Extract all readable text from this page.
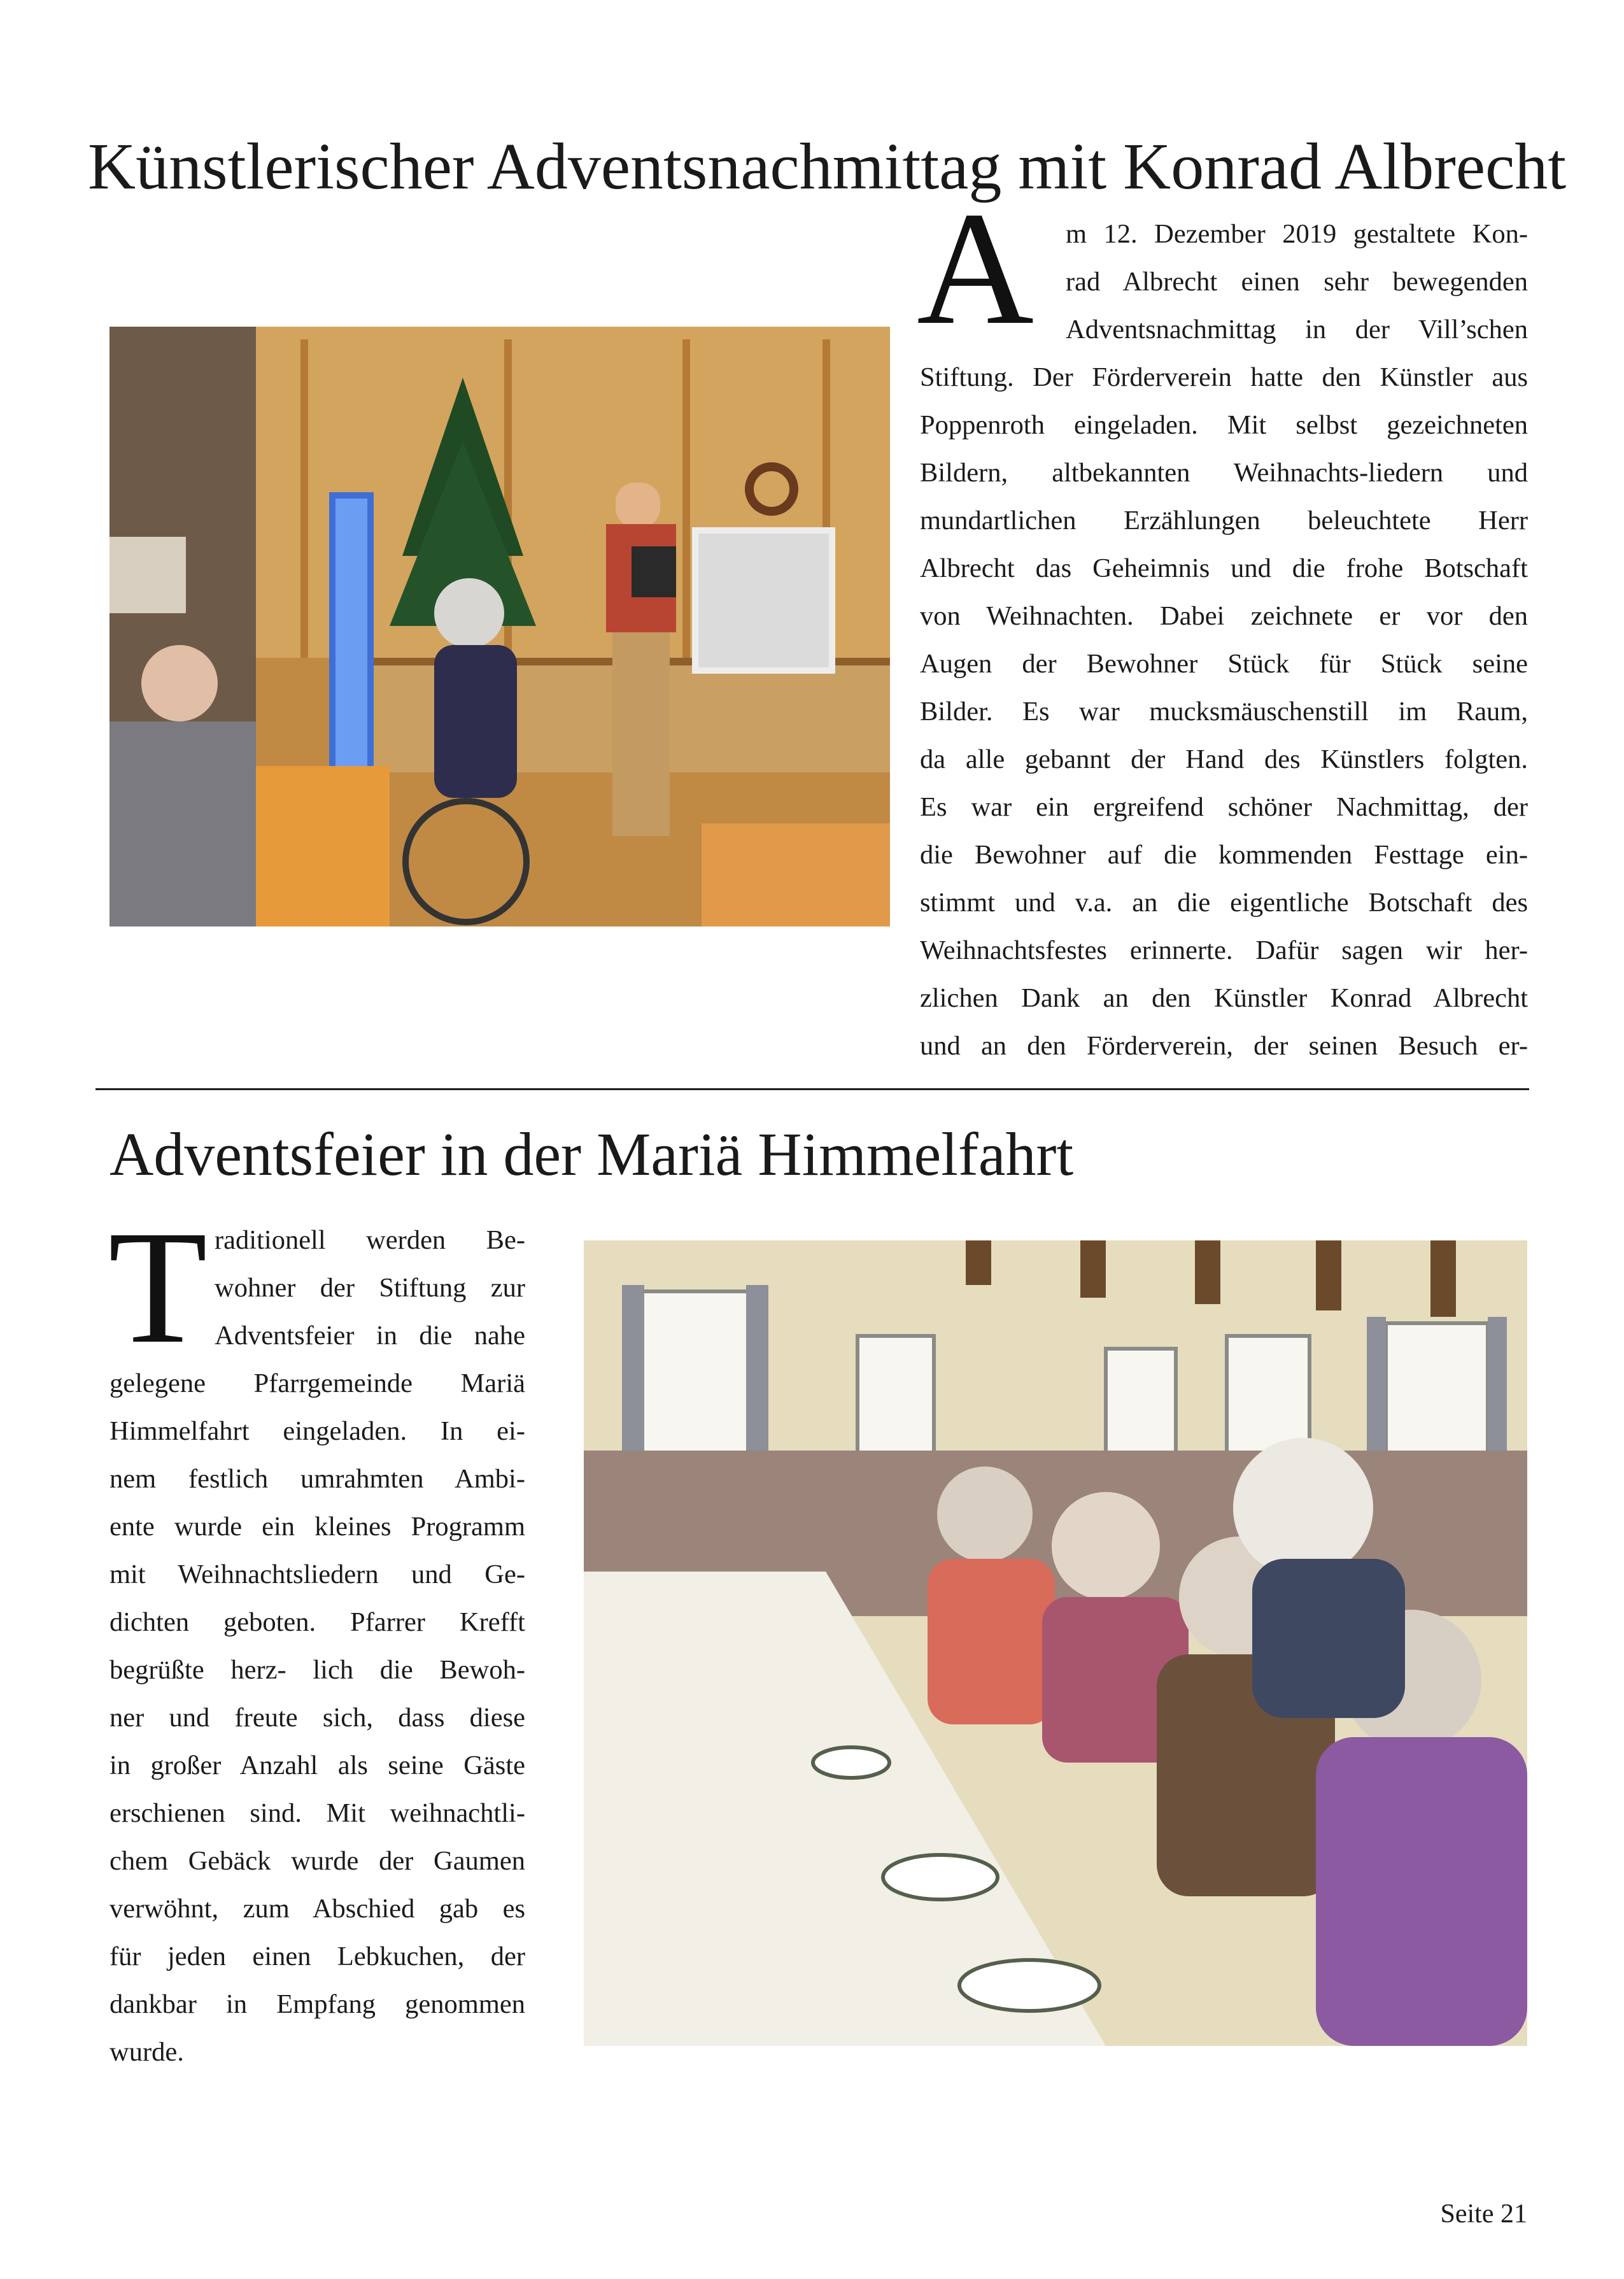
Künstlerischer Adventsnachmittag mit Konrad Albrecht
A m 12. Dezember 2019 gestaltete Kon-
rad Albrecht einen sehr bewegenden
Adventsnachmittag in der Vill’schen
Stiftung. Der Förderverein hatte den Künstler aus
Poppenroth eingeladen. Mit selbst gezeichneten
Bildern, altbekannten Weihnachts-liedern und
mundartlichen Erzählungen beleuchtete Herr
Albrecht das Geheimnis und die frohe Botschaft
von Weihnachten. Dabei zeichnete er vor den
Augen der Bewohner Stück für Stück seine
Bilder. Es war mucksmäuschenstill im Raum,
da alle gebannt der Hand des Künstlers folgten.
Es war ein ergreifend schöner Nachmittag, der
die Bewohner auf die kommenden Festtage ein-
stimmt und v.a. an die eigentliche Botschaft des
Weihnachtsfestes erinnerte. Dafür sagen wir her-
zlichen Dank an den Künstler Konrad Albrecht
und an den Förderverein, der seinen Besuch er-

Adventsfeier in der Mariä Himmelfahrt
T raditionell werden Be-
wohner der Stiftung zur
Adventsfeier in die nahe
gelegene Pfarrgemeinde Mariä
Himmelfahrt eingeladen. In ei-
nem festlich umrahmten Ambi-
ente wurde ein kleines Programm
mit Weihnachtsliedern und Ge-
dichten geboten. Pfarrer Krefft
begrüßte herz- lich die Bewoh-
ner und freute sich, dass diese
in großer Anzahl als seine Gäste
erschienen sind. Mit weihnachtli-
chem Gebäck wurde der Gaumen
verwöhnt, zum Abschied gab es
für jeden einen Lebkuchen, der
dankbar in Empfang genommen
wurde.

Seite 21
